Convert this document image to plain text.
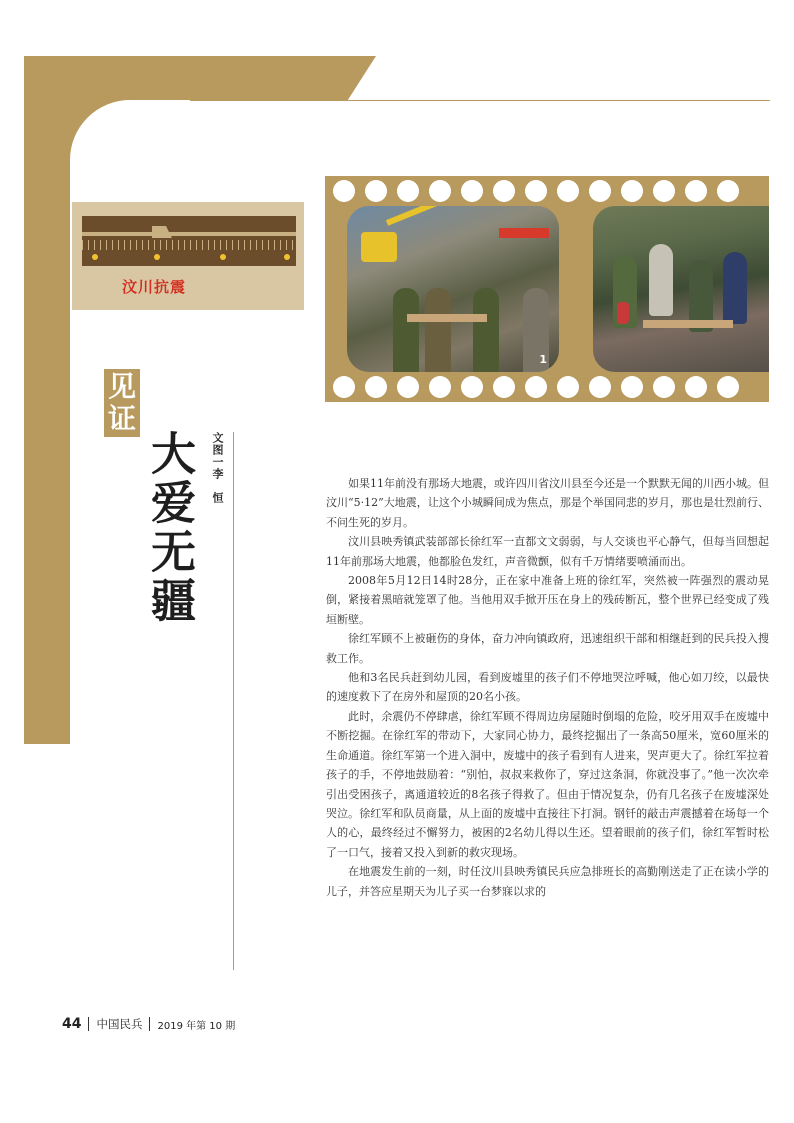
汶川抗震
1
见证
大爱无疆	文图一李　恒	如果11年前没有那场大地震，或许四川省汶川县至今还是一个默默无闻的川西小城。但汶川“5·12”大地震，让这个小城瞬间成为焦点，那是个举国同悲的岁月，那也是壮烈前行、不问生死的岁月。

汶川县映秀镇武装部部长徐红军一直都文文弱弱，与人交谈也平心静气，但每当回想起11年前那场大地震，他都脸色发红，声音微颤，似有千万情绪要喷涌而出。

2008年5月12日14时28分，正在家中准备上班的徐红军，突然被一阵强烈的震动晃倒，紧接着黑暗就笼罩了他。当他用双手掀开压在身上的残砖断瓦，整个世界已经变成了残垣断壁。

徐红军顾不上被砸伤的身体，奋力冲向镇政府，迅速组织干部和相继赶到的民兵投入搜救工作。

他和3名民兵赶到幼儿园，看到废墟里的孩子们不停地哭泣呼喊，他心如刀绞，以最快的速度救下了在房外和屋顶的20名小孩。

此时，余震仍不停肆虐，徐红军顾不得周边房屋随时倒塌的危险，咬牙用双手在废墟中不断挖掘。在徐红军的带动下，大家同心协力，最终挖掘出了一条高50厘米，宽60厘米的生命通道。徐红军第一个进入洞中，废墟中的孩子看到有人进来，哭声更大了。徐红军拉着孩子的手，不停地鼓励着：“别怕，叔叔来救你了，穿过这条洞，你就没事了。”他一次次牵引出受困孩子，离通道较近的8名孩子得救了。但由于情况复杂，仍有几名孩子在废墟深处哭泣。徐红军和队员商量，从上面的废墟中直接往下打洞。钢钎的敲击声震撼着在场每一个人的心，最终经过不懈努力，被困的2名幼儿得以生还。望着眼前的孩子们，徐红军暂时松了一口气，接着又投入到新的救灾现场。

在地震发生前的一刻，时任汶川县映秀镇民兵应急排班长的高勤刚送走了正在读小学的儿子，并答应星期天为儿子买一台梦寐以求的

44 中国民兵 2019 年第 10 期
